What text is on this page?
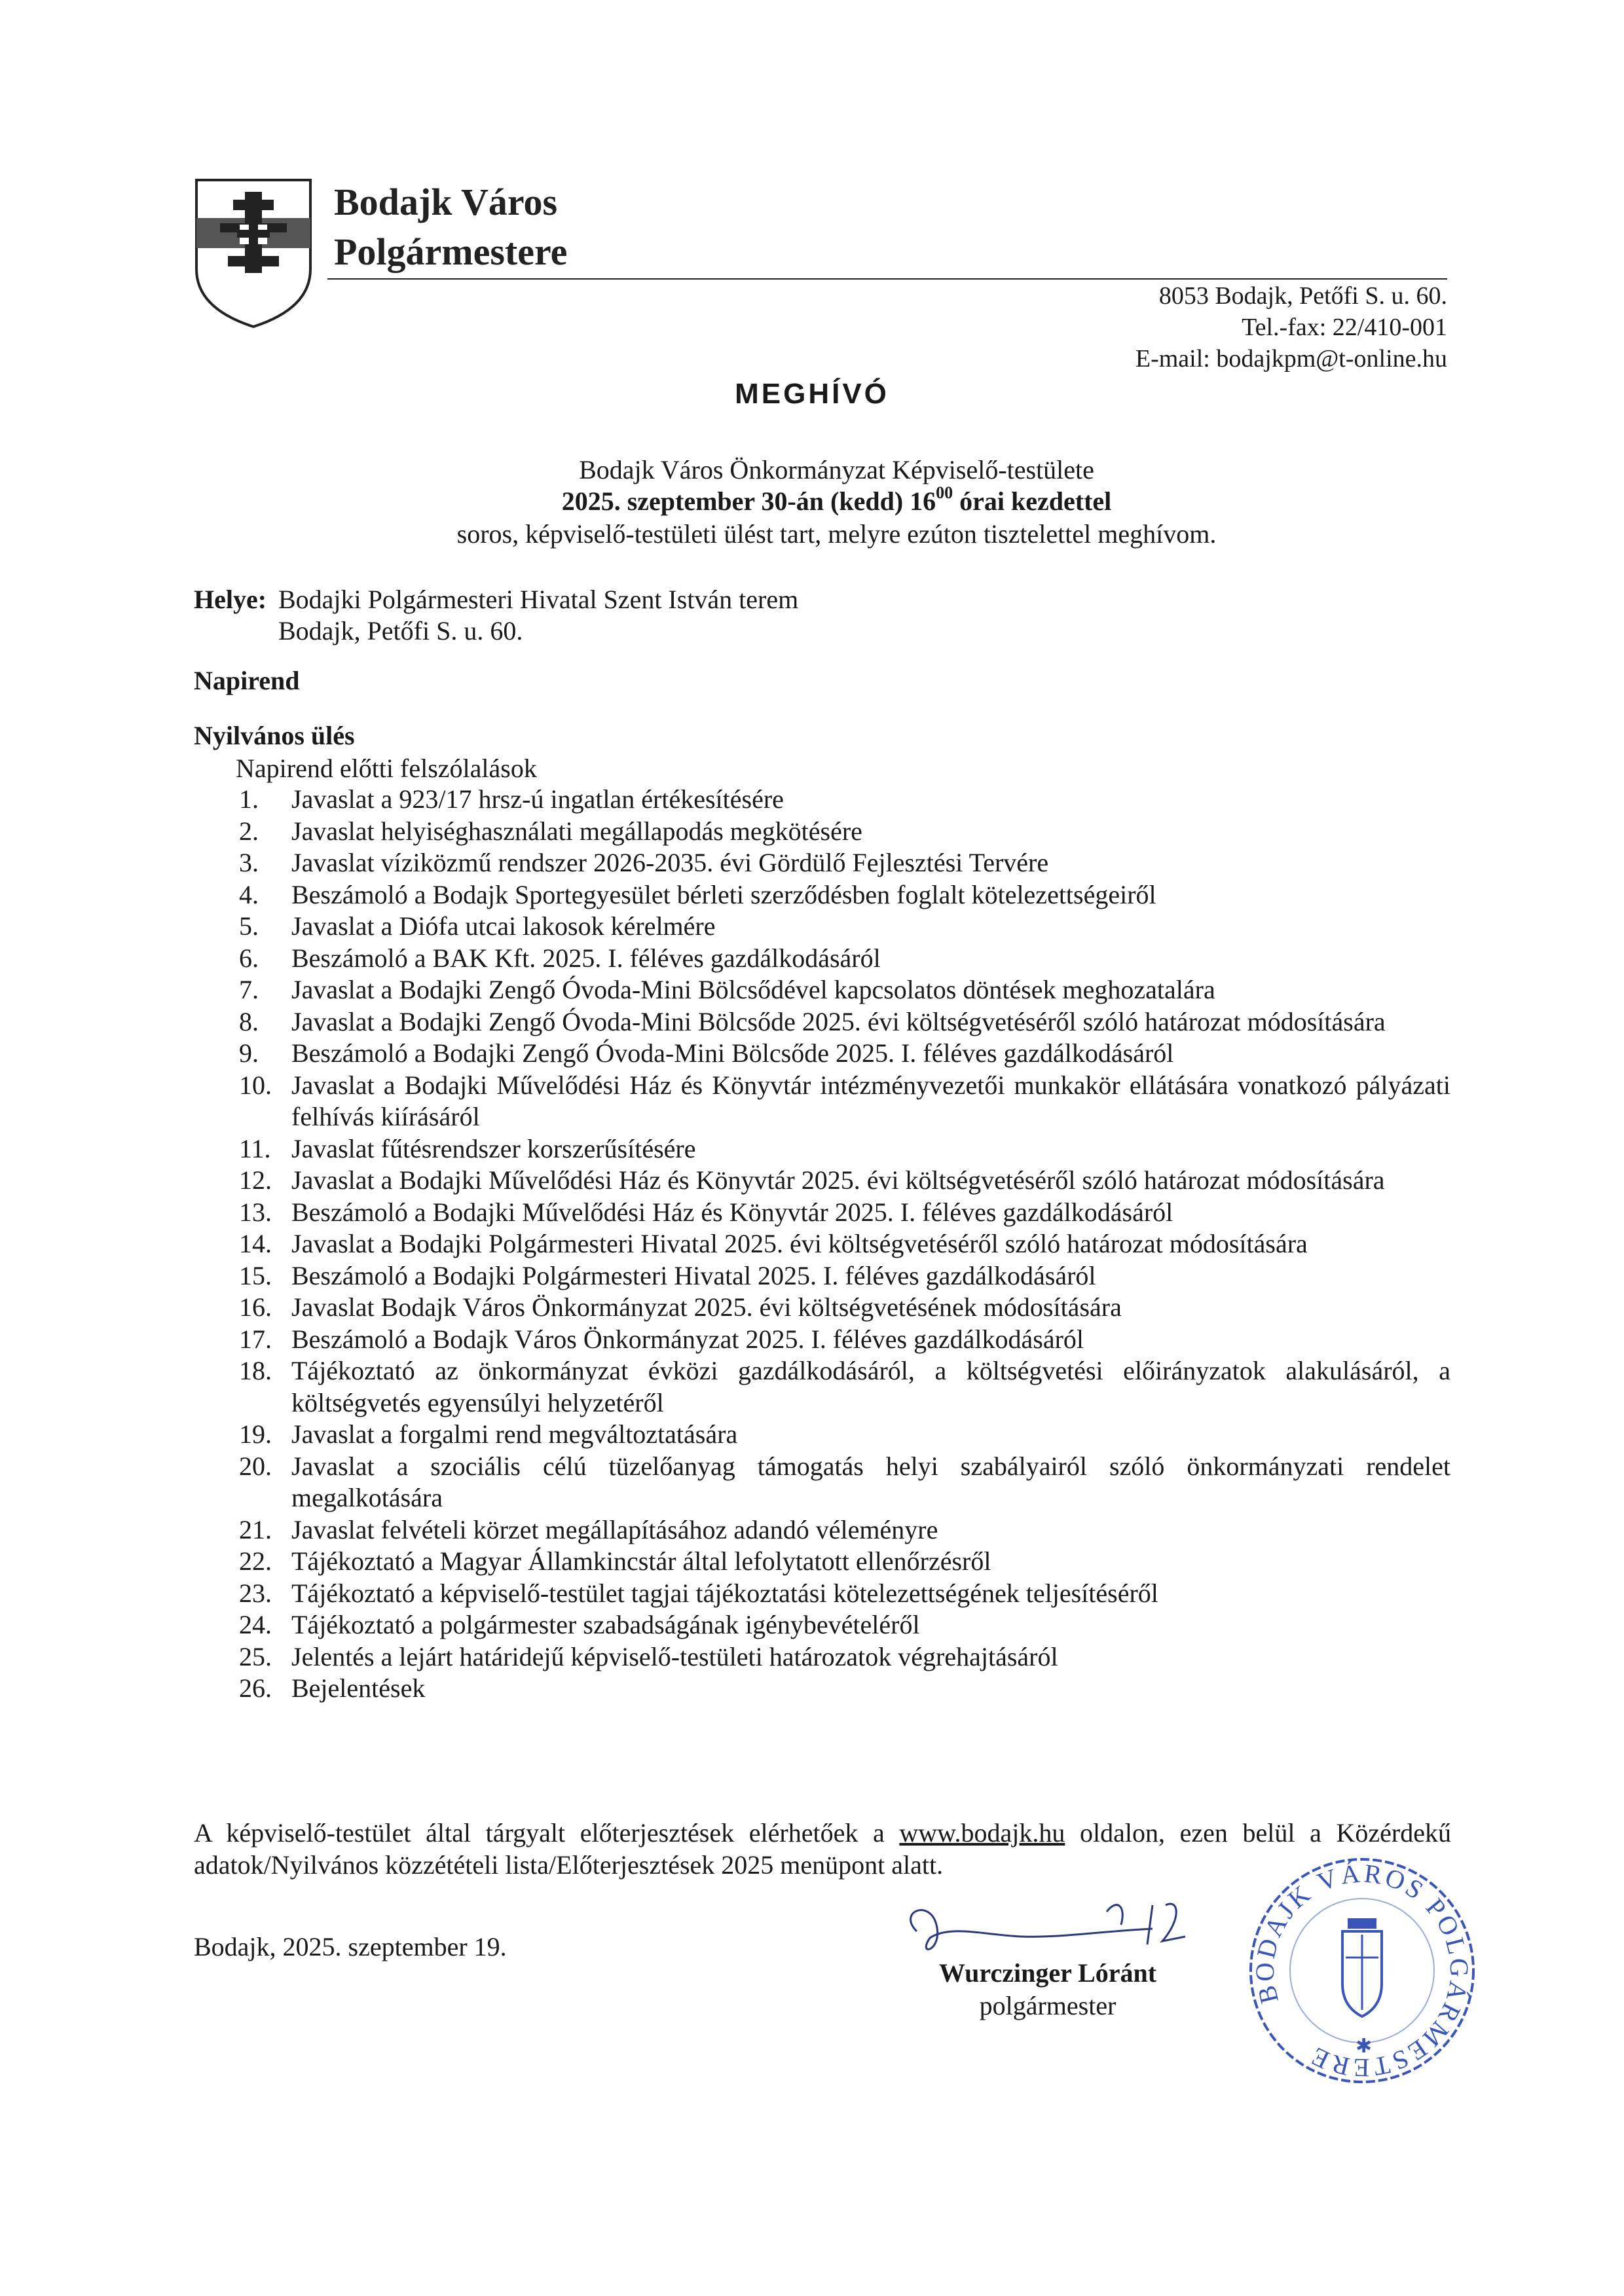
Bodajk Város
Polgármestere
8053 Bodajk, Petőfi S. u. 60.
Tel.-fax: 22/410-001
E-mail: bodajkpm@t-online.hu
MEGHÍVÓ
Bodajk Város Önkormányzat Képviselő-testülete
2025. szeptember 30-án (kedd) $16^{00}$ órai kezdettel
soros, képviselő-testületi ülést tart, melyre ezúton tisztelettel meghívom.
Helye: Bodajki Polgármesteri Hivatal Szent István terem
Bodajk, Petőfi S. u. 60.
Napirend
Nyilvános ülés
Napirend előtti felszólalások
1.	Javaslat a 923/17 hrsz-ú ingatlan értékesítésére
2.	Javaslat helyiséghasználati megállapodás megkötésére
3.	Javaslat víziközmű rendszer 2026-2035. évi Gördülő Fejlesztési Tervére
4.	Beszámoló a Bodajk Sportegyesület bérleti szerződésben foglalt kötelezettségeiről
5.	Javaslat a Diófa utcai lakosok kérelmére
6.	Beszámoló a BAK Kft. 2025. I. féléves gazdálkodásáról
7.	Javaslat a Bodajki Zengő Óvoda-Mini Bölcsődével kapcsolatos döntések meghozatalára
8.	Javaslat a Bodajki Zengő Óvoda-Mini Bölcsőde 2025. évi költségvetéséről szóló határozat módosítására
9.	Beszámoló a Bodajki Zengő Óvoda-Mini Bölcsőde 2025. I. féléves gazdálkodásáról
10. Javaslat a Bodajki Művelődési Ház és Könyvtár intézményvezetői munkakör ellátására vonatkozó pályázati felhívás kiírásáról
11. Javaslat fűtésrendszer korszerűsítésére
12. Javaslat a Bodajki Művelődési Ház és Könyvtár 2025. évi költségvetéséről szóló határozat módosítására
13. Beszámoló a Bodajki Művelődési Ház és Könyvtár 2025. I. féléves gazdálkodásáról
14. Javaslat a Bodajki Polgármesteri Hivatal 2025. évi költségvetéséről szóló határozat módosítására
15. Beszámoló a Bodajki Polgármesteri Hivatal 2025. I. féléves gazdálkodásáról
16. Javaslat Bodajk Város Önkormányzat 2025. évi költségvetésének módosítására
17. Beszámoló a Bodajk Város Önkormányzat 2025. I. féléves gazdálkodásáról
18. Tájékoztató az önkormányzat évközi gazdálkodásáról, a költségvetési előirányzatok alakulásáról, a költségvetés egyensúlyi helyzetéről
19. Javaslat a forgalmi rend megváltoztatására
20. Javaslat a szociális célú tüzelőanyag támogatás helyi szabályairól szóló önkormányzati rendelet megalkotására
21. Javaslat felvételi körzet megállapításához adandó véleményre
22. Tájékoztató a Magyar Államkincstár által lefolytatott ellenőrzésről
23. Tájékoztató a képviselő-testület tagjai tájékoztatási kötelezettségének teljesítéséről
24. Tájékoztató a polgármester szabadságának igénybevételéről
25. Jelentés a lejárt határidejű képviselő-testületi határozatok végrehajtásáról
26. Bejelentések
A képviselő-testület által tárgyalt előterjesztések elérhetőek a www.bodajk.hu oldalon, ezen belül a Közérdekű adatok/Nyilvános közzétételi lista/Előterjesztések 2025 menüpont alatt.
Bodajk, 2025. szeptember 19.
Wurczinger Lóránt
polgármester	BODAJK VÁROS POLGÁRMESTERE	✱
